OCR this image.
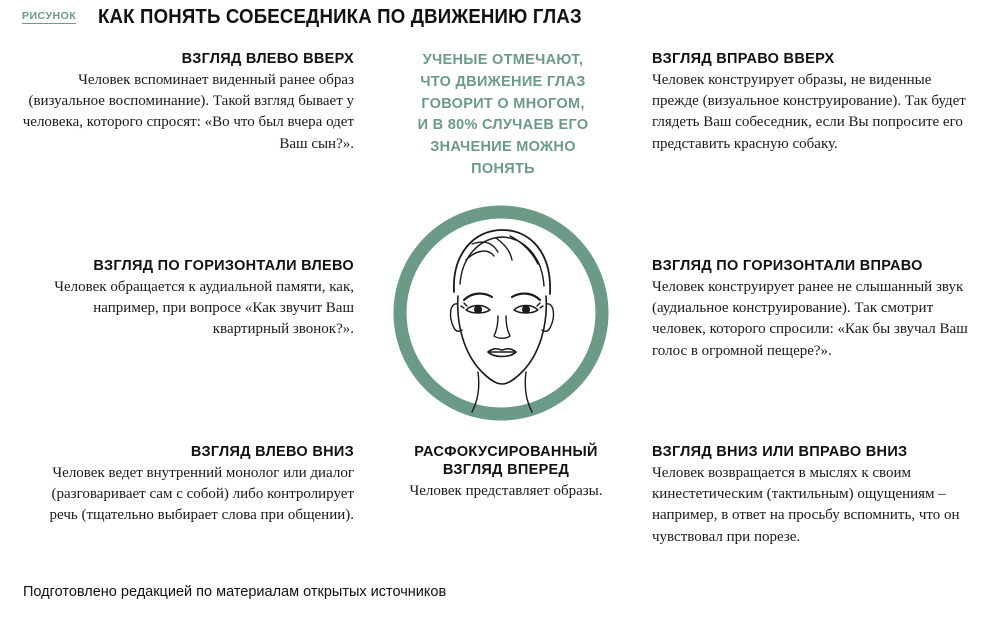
РИСУНОК КАК ПОНЯТЬ СОБЕСЕДНИКА ПО ДВИЖЕНИЮ ГЛАЗ
ВЗГЛЯД ВЛЕВО ВВЕРХ
Человек вспоминает виденный ранее образ (визуальное воспоминание). Такой взгляд бывает у человека, которого спросят: «Во что был вчера одет Ваш сын?».
УЧЕНЫЕ ОТМЕЧАЮТ,
ЧТО ДВИЖЕНИЕ ГЛАЗ
ГОВОРИТ О МНОГОМ,
И В 80% СЛУЧАЕВ ЕГО
ЗНАЧЕНИЕ МОЖНО
ПОНЯТЬ
ВЗГЛЯД ВПРАВО ВВЕРХ
Человек конструирует образы, не виденные прежде (визуальное конструирование). Так будет глядеть Ваш собеседник, если Вы попросите его представить красную собаку.
ВЗГЛЯД ПО ГОРИЗОНТАЛИ ВЛЕВО
Человек обращается к аудиальной памяти, как, например, при вопросе «Как звучит Ваш квартирный звонок?».
ВЗГЛЯД ПО ГОРИЗОНТАЛИ ВПРАВО
Человек конструирует ранее не слышанный звук (аудиальное конструирование). Так смотрит человек, которого спросили: «Как бы звучал Ваш голос в огромной пещере?».
ВЗГЛЯД ВЛЕВО ВНИЗ
Человек ведет внутренний монолог или диалог (разговаривает сам с собой) либо контролирует речь (тщательно выбирает слова при общении).
РАСФОКУСИРОВАННЫЙ
ВЗГЛЯД ВПЕРЕД
Человек представляет образы.
ВЗГЛЯД ВНИЗ ИЛИ ВПРАВО ВНИЗ
Человек возвращается в мыслях к своим кинестетическим (тактильным) ощущениям – например, в ответ на просьбу вспомнить, что он чувствовал при порезе.
Подготовлено редакцией по материалам открытых источников
